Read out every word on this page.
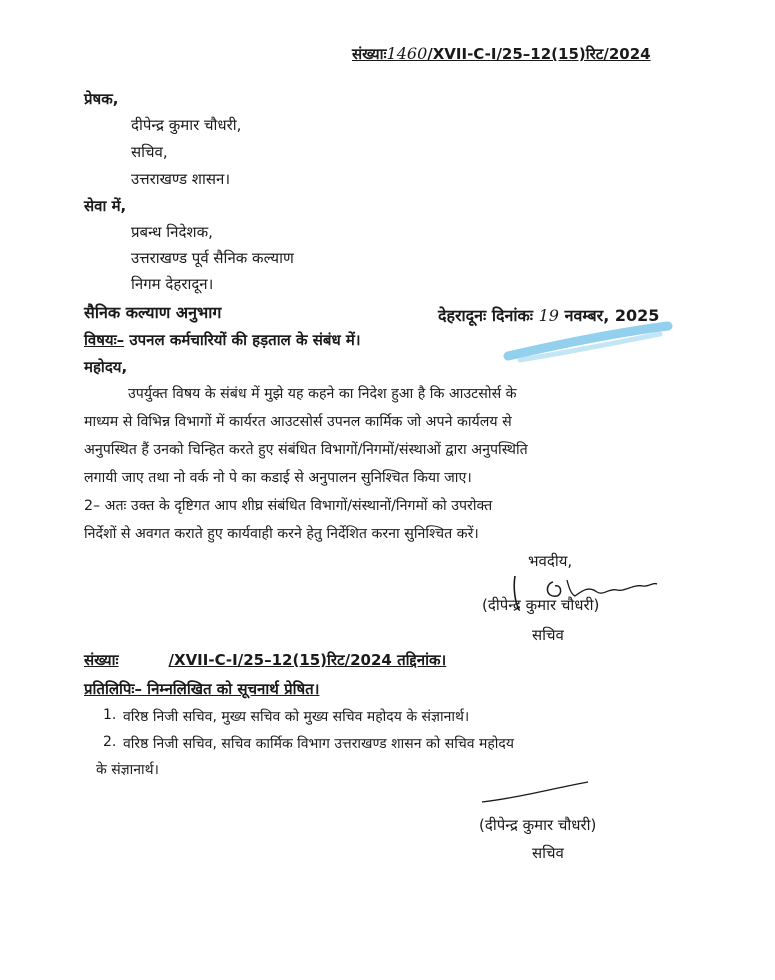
संख्याः1460/XVII-C-I/25–12(15)रिट/2024
प्रेषक,
दीपेन्द्र कुमार चौधरी,
सचिव,
उत्तराखण्ड शासन।
सेवा में,
प्रबन्ध निदेशक,
उत्तराखण्ड पूर्व सैनिक कल्याण
निगम देहरादून।
सैनिक कल्याण अनुभाग	देहरादूनः दिनांकः 19 नवम्बर, 2025
विषयः– उपनल कर्मचारियों की हड़ताल के संबंध में।
महोदय,
उपर्युक्त विषय के संबंध में मुझे यह कहने का निदेश हुआ है कि आउटसोर्स के
माध्यम से विभिन्न विभागों में कार्यरत आउटसोर्स उपनल कार्मिक जो अपने कार्यलय से
अनुपस्थित हैं उनको चिन्हित करते हुए संबंधित विभागों/निगमों/संस्थाओं द्वारा अनुपस्थिति
लगायी जाए तथा नो वर्क नो पे का कडाई से अनुपालन सुनिश्चित किया जाए।
2– अतः उक्त के दृष्टिगत आप शीघ्र संबंधित विभागों/संस्थानों/निगमों को उपरोक्त
निर्देशों से अवगत कराते हुए कार्यवाही करने हेतु निर्देशित करना सुनिश्चित करें।
भवदीय,
(दीपेन्द्र कुमार चौधरी)
सचिव
संख्याः	/XVII-C-I/25–12(15)रिट/2024 तद्दिनांक।
प्रतिलिपिः– निम्नलिखित को सूचनार्थ प्रेषित।
1. वरिष्ठ निजी सचिव, मुख्य सचिव को मुख्य सचिव महोदय के संज्ञानार्थ।
2. वरिष्ठ निजी सचिव, सचिव कार्मिक विभाग उत्तराखण्ड शासन को सचिव महोदय
के संज्ञानार्थ।
(दीपेन्द्र कुमार चौधरी)
सचिव
